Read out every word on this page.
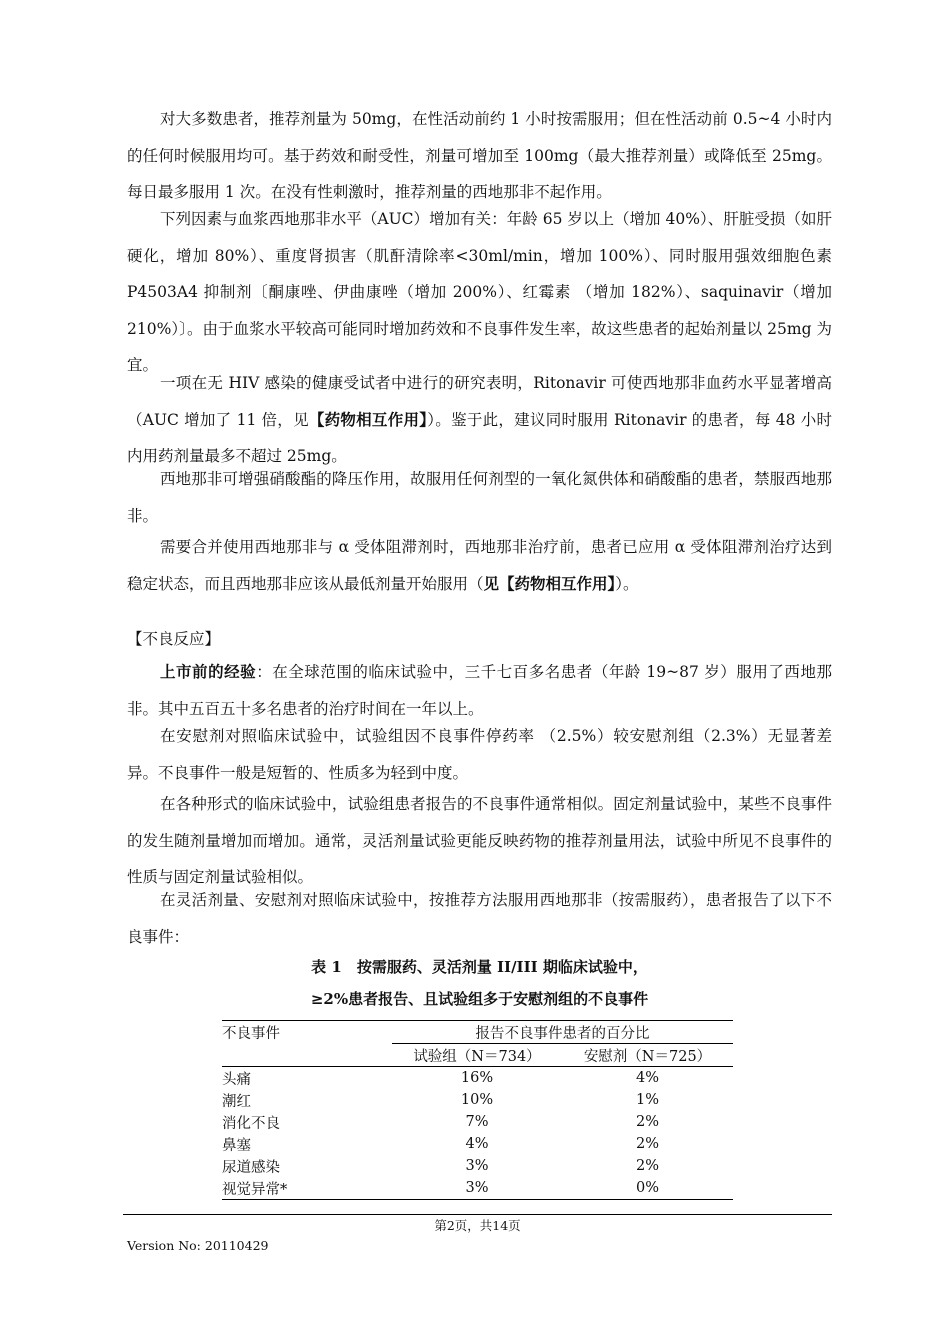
对大多数患者，推荐剂量为 50mg，在性活动前约 1 小时按需服用；但在性活动前 0.5~4 小时内的任何时候服用均可。基于药效和耐受性，剂量可增加至 100mg（最大推荐剂量）或降低至 25mg。每日最多服用 1 次。在没有性刺激时，推荐剂量的西地那非不起作用。

下列因素与血浆西地那非水平（AUC）增加有关：年龄 65 岁以上（增加 40%）、肝脏受损（如肝硬化，增加 80%）、重度肾损害（肌酐清除率<30ml/min，增加 100%）、同时服用强效细胞色素 P4503A4 抑制剂〔酮康唑、伊曲康唑（增加 200%）、红霉素 （增加 182%）、saquinavir（增加 210%）〕。由于血浆水平较高可能同时增加药效和不良事件发生率，故这些患者的起始剂量以 25mg 为宜。

一项在无 HIV 感染的健康受试者中进行的研究表明，Ritonavir 可使西地那非血药水平显著增高（AUC 增加了 11 倍，见【药物相互作用】）。鉴于此，建议同时服用 Ritonavir 的患者，每 48 小时内用药剂量最多不超过 25mg。

西地那非可增强硝酸酯的降压作用，故服用任何剂型的一氧化氮供体和硝酸酯的患者，禁服西地那非。

需要合并使用西地那非与 α 受体阻滞剂时，西地那非治疗前，患者已应用 α 受体阻滞剂治疗达到稳定状态，而且西地那非应该从最低剂量开始服用（见【药物相互作用】）。

【不良反应】

上市前的经验：在全球范围的临床试验中，三千七百多名患者（年龄 19~87 岁）服用了西地那非。其中五百五十多名患者的治疗时间在一年以上。

在安慰剂对照临床试验中，试验组因不良事件停药率 （2.5%）较安慰剂组（2.3%）无显著差异。不良事件一般是短暂的、性质多为轻到中度。

在各种形式的临床试验中，试验组患者报告的不良事件通常相似。固定剂量试验中，某些不良事件的发生随剂量增加而增加。通常，灵活剂量试验更能反映药物的推荐剂量用法，试验中所见不良事件的性质与固定剂量试验相似。

在灵活剂量、安慰剂对照临床试验中，按推荐方法服用西地那非（按需服药），患者报告了以下不良事件：

表 1　按需服药、灵活剂量 II/III 期临床试验中，

≥2%患者报告、且试验组多于安慰剂组的不良事件

不良事件	报告不良事件患者的百分比	
	试验组（N＝734）	安慰剂（N＝725）
头痛	16%	4%
潮红	10%	1%
消化不良	7%	2%
鼻塞	4%	2%
尿道感染	3%	2%
视觉异常*	3%	0%
第2页，共14页
Version No: 20110429
